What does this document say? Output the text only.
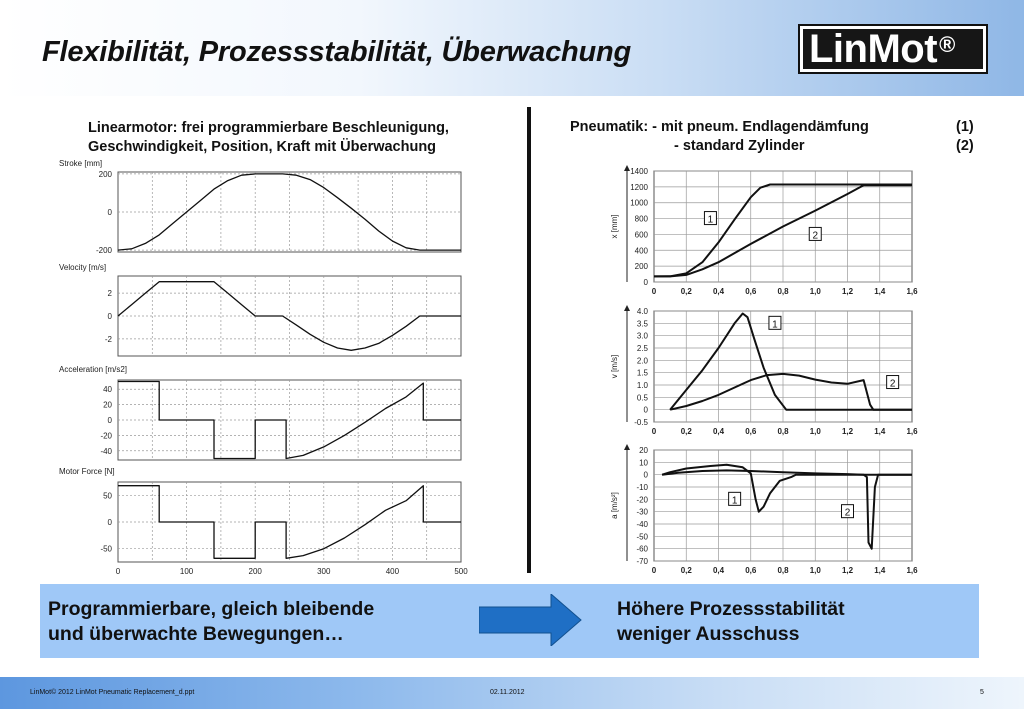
Flexibilität, Prozessstabilität, Überwachung	LinMot®
Linearmotor: frei programmierbare Beschleunigung,
Geschwindigkeit, Position, Kraft mit Überwachung
Pneumatik: - mit pneum. Endlagendämfung
- standard Zylinder
(1)
(2)
200
0
-200
Stroke [mm]
2
0
-2
Velocity [m/s]
40
20
0
-20
-40
Acceleration [m/s2]
50
0
-50
0	100	200	300	400	500
Motor Force [N]
1400
1200
1000
800
600
400
200
0
0	0,2	0,4	0,6	0,8	1,0	1,2	1,4	1,6
x [mm]	1
2
4.0
3.5
3.0
2.5
2.0
1.5
1.0
0.5
0
-0.5
0	0,2	0,4	0,6	0,8	1,0	1,2	1,4	1,6
v [m/s]
1
2
20
10
0
-10
-20
-30
-40
-50
-60
-70
0	0,2	0,4	0,6	0,8	1,0	1,2	1,4	1,6
a [m/s²]	1
2
Programmierbare, gleich bleibende
und überwachte Bewegungen…
Höhere Prozessstabilität
weniger Ausschuss
LinMot© 2012 LinMot Pneumatic Replacement_d.ppt	02.11.2012	5
